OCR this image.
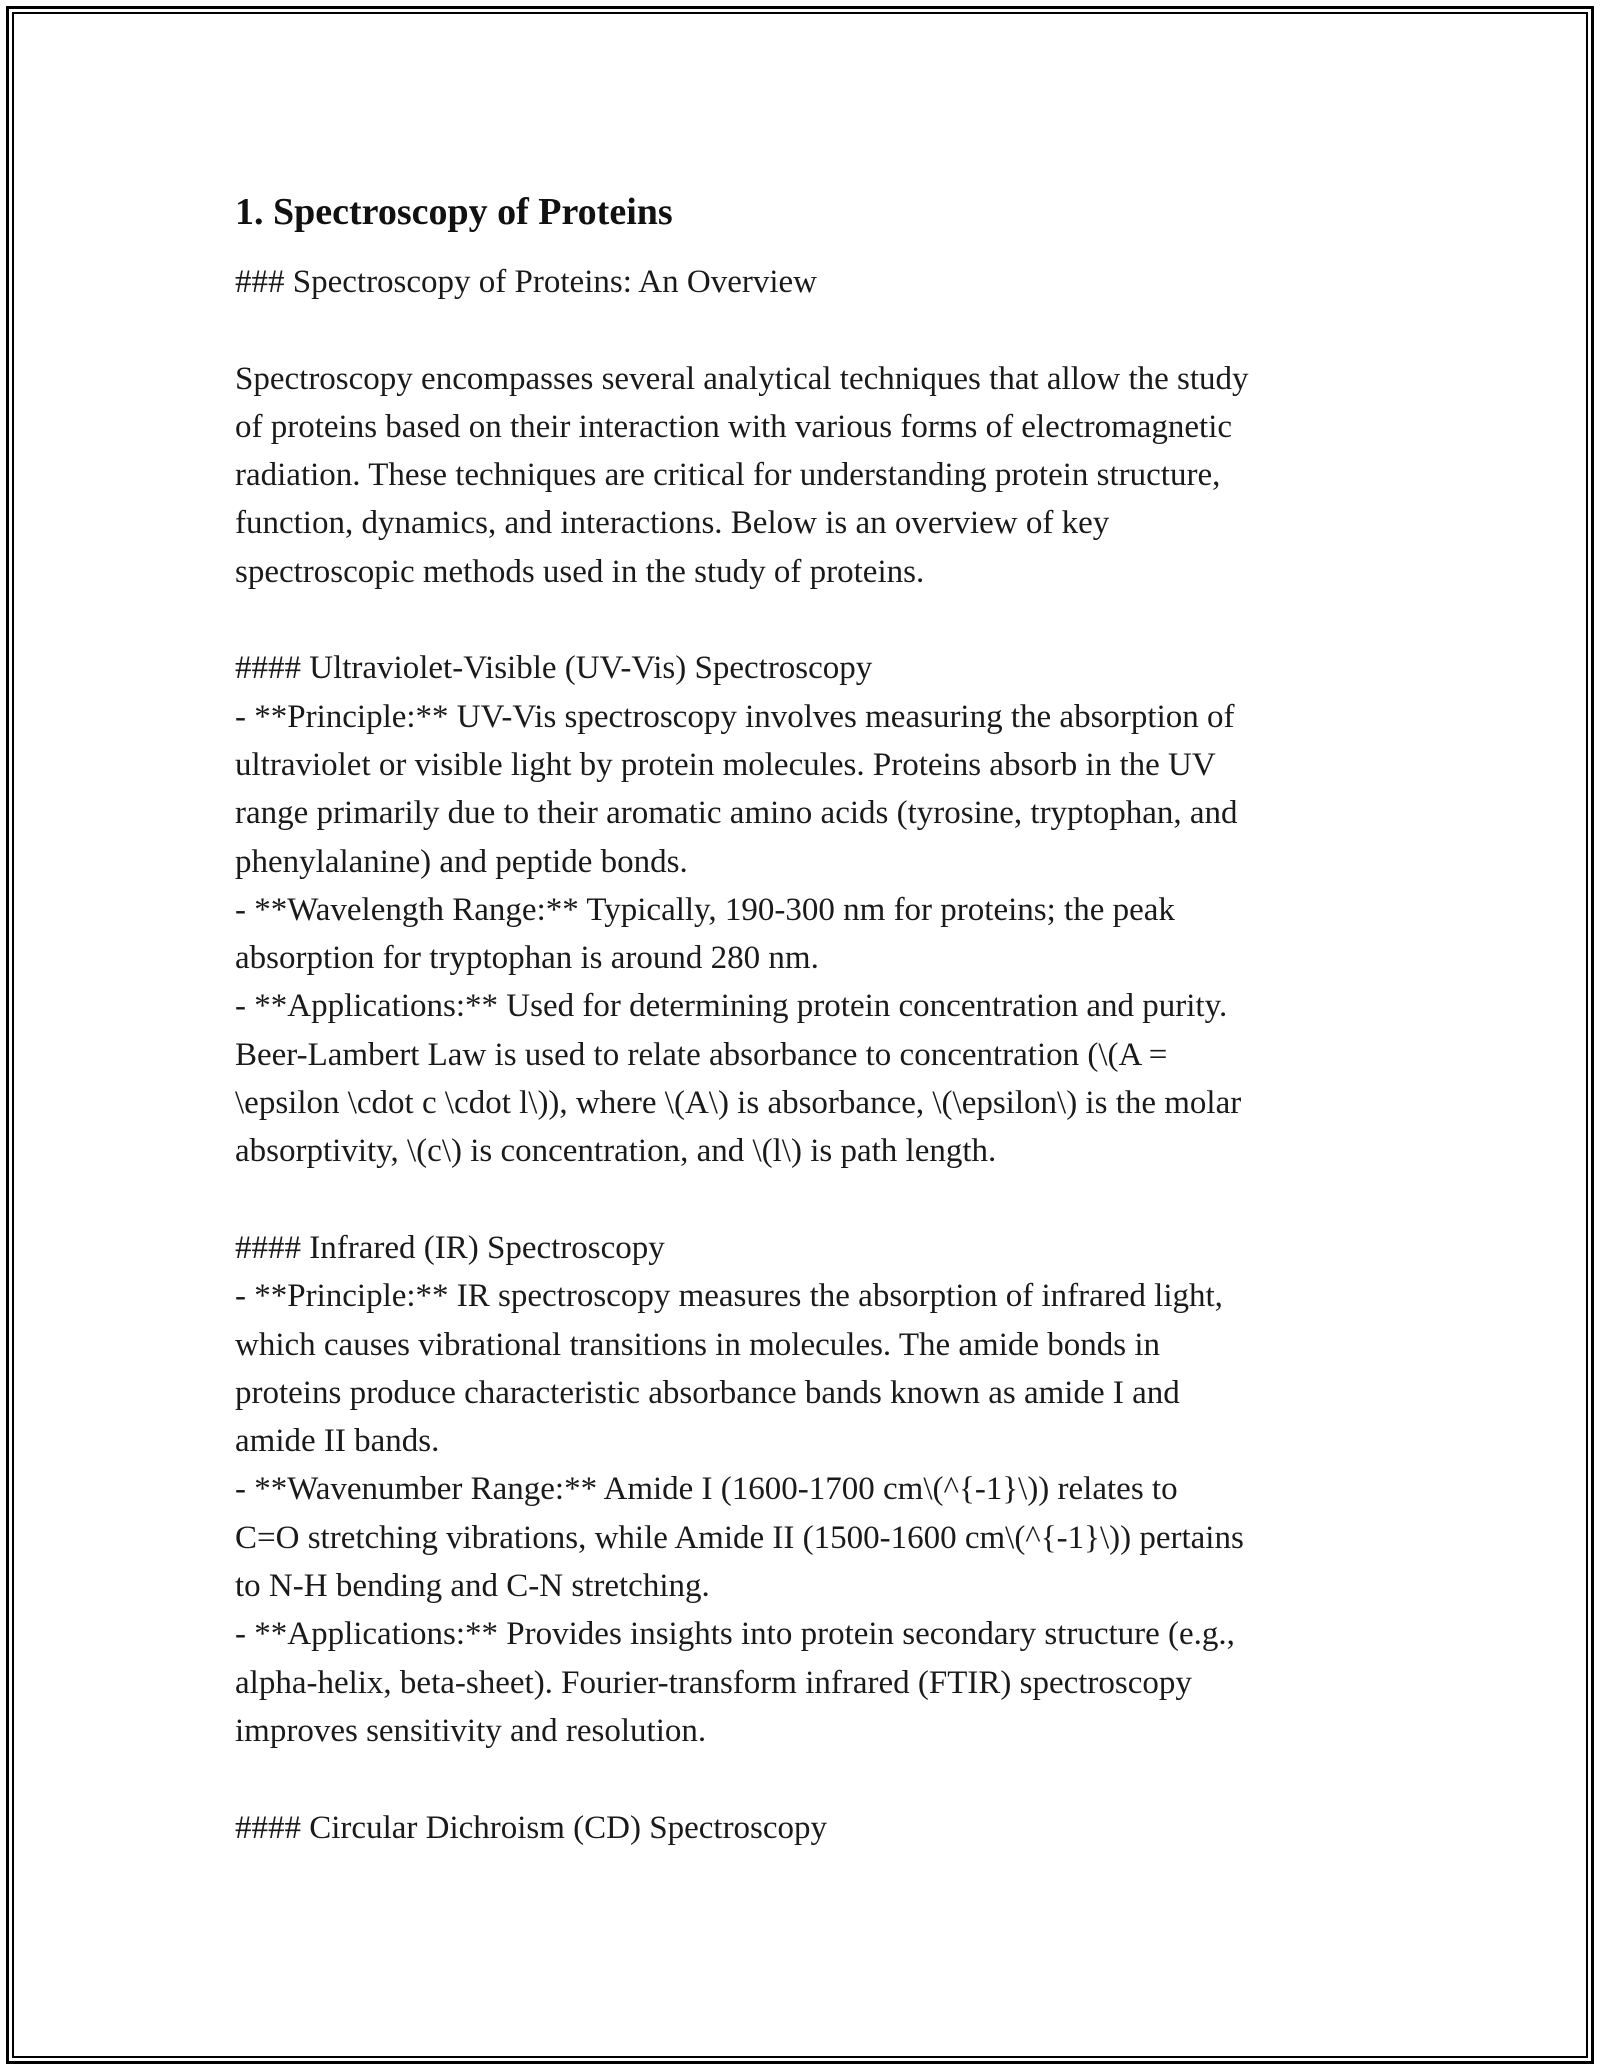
1. Spectroscopy of Proteins
### Spectroscopy of Proteins: An Overview
Spectroscopy encompasses several analytical techniques that allow the study
of proteins based on their interaction with various forms of electromagnetic
radiation. These techniques are critical for understanding protein structure,
function, dynamics, and interactions. Below is an overview of key
spectroscopic methods used in the study of proteins.
#### Ultraviolet-Visible (UV-Vis) Spectroscopy
- **Principle:** UV-Vis spectroscopy involves measuring the absorption of
ultraviolet or visible light by protein molecules. Proteins absorb in the UV
range primarily due to their aromatic amino acids (tyrosine, tryptophan, and
phenylalanine) and peptide bonds.
- **Wavelength Range:** Typically, 190-300 nm for proteins; the peak
absorption for tryptophan is around 280 nm.
- **Applications:** Used for determining protein concentration and purity.
Beer-Lambert Law is used to relate absorbance to concentration (\(A =
\epsilon \cdot c \cdot l\)), where \(A\) is absorbance, \(\epsilon\) is the molar
absorptivity, \(c\) is concentration, and \(l\) is path length.
#### Infrared (IR) Spectroscopy
- **Principle:** IR spectroscopy measures the absorption of infrared light,
which causes vibrational transitions in molecules. The amide bonds in
proteins produce characteristic absorbance bands known as amide I and
amide II bands.
- **Wavenumber Range:** Amide I (1600-1700 cm\(^{-1}\)) relates to
C=O stretching vibrations, while Amide II (1500-1600 cm\(^{-1}\)) pertains
to N-H bending and C-N stretching.
- **Applications:** Provides insights into protein secondary structure (e.g.,
alpha-helix, beta-sheet). Fourier-transform infrared (FTIR) spectroscopy
improves sensitivity and resolution.
#### Circular Dichroism (CD) Spectroscopy
